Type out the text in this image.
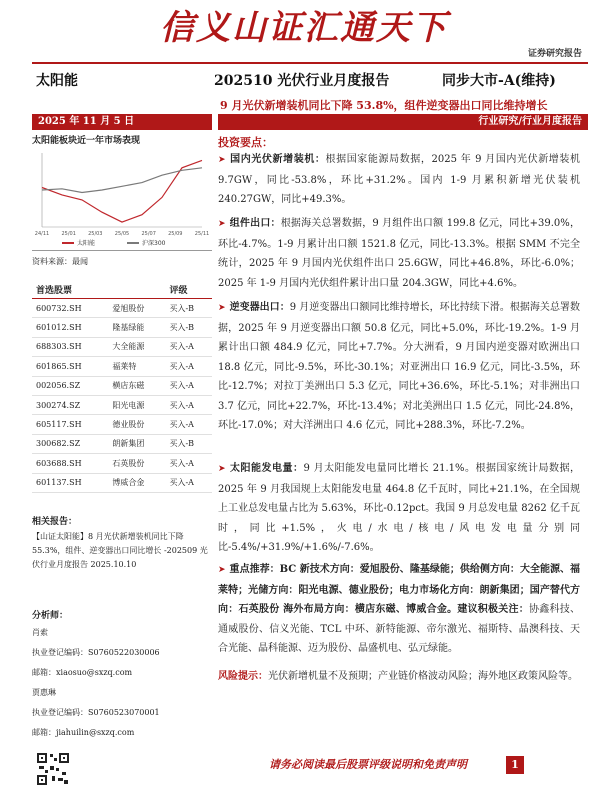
信义山证汇通天下
证券研究报告
太阳能	202510 光伏行业月度报告	同步大市-A(维持)
9 月光伏新增装机同比下降 53.8%，组件逆变器出口同比维持增长
2025 年 11 月 5 日	行业研究/行业月度报告
太阳能板块近一年市场表现
24/11 25/01 25/03 25/05 25/07 25/09 25/11
太阳能	沪深300
资料来源：最闻
首选股票		评级
600732.SH	爱旭股份	买入-B
601012.SH	隆基绿能	买入-B
688303.SH	大全能源	买入-A
601865.SH	福莱特	买入-A
002056.SZ	横店东磁	买入-A
300274.SZ	阳光电源	买入-A
605117.SH	德业股份	买入-A
300682.SZ	朗新集团	买入-B
603688.SH	石英股份	买入-A
601137.SH	博威合金	买入-A
相关报告：
【山证太阳能】8 月光伏新增装机同比下降 55.3%，组件、逆变器出口同比增长 -202509 光伏行业月度报告 2025.10.10
分析师：
肖索
执业登记编码：S0760522030006
邮箱：xiaosuo@sxzq.com
贾惠琳
执业登记编码：S0760523070001
邮箱：jiahuilin@sxzq.com
投资要点：
➤ 国内光伏新增装机：根据国家能源局数据，2025 年 9 月国内光伏新增装机 9.7GW，同比-53.8%，环比+31.2%。国内 1-9 月累积新增光伏装机 240.27GW，同比+49.3%。
➤ 组件出口：根据海关总署数据，9 月组件出口额 199.8 亿元，同比+39.0%，环比-4.7%。1-9 月累计出口额 1521.8 亿元，同比-13.3%。根据 SMM 不完全统计，2025 年 9 月国内光伏组件出口 25.6GW，同比+46.8%，环比-6.0%；2025 年 1-9 月国内光伏组件累计出口量 204.3GW，同比+4.6%。
➤ 逆变器出口：9 月逆变器出口额同比维持增长，环比持续下滑。根据海关总署数据，2025 年 9 月逆变器出口额 50.8 亿元，同比+5.0%，环比-19.2%。1-9 月累计出口额 484.9 亿元，同比+7.7%。分大洲看，9 月国内逆变器对欧洲出口 18.8 亿元，同比-9.5%，环比-30.1%；对亚洲出口 16.9 亿元，同比-3.5%，环比-12.7%；对拉丁美洲出口 5.3 亿元，同比+36.6%，环比-5.1%；对非洲出口 3.7 亿元，同比+22.7%，环比-13.4%；对北美洲出口 1.5 亿元，同比-24.8%，环比-17.0%；对大洋洲出口 4.6 亿元，同比+288.3%，环比-7.2%。
➤ 太阳能发电量：9 月太阳能发电量同比增长 21.1%。根据国家统计局数据，2025 年 9 月我国规上太阳能发电量 464.8 亿千瓦时，同比+21.1%，在全国规上工业总发电量占比为 5.63%，环比-0.12pct。我国 9 月总发电量 8262 亿千瓦时，同比+1.5%，火电/水电/核电/风电发电量分别同比-5.4%/+31.9%/+1.6%/-7.6%。
➤ 重点推荐：BC 新技术方向：爱旭股份、隆基绿能；供给侧方向：大全能源、福莱特；光储方向：阳光电源、德业股份；电力市场化方向：朗新集团；国产替代方向：石英股份 海外布局方向：横店东磁、博威合金。建议积极关注：协鑫科技、通威股份、信义光能、TCL 中环、新特能源、帝尔激光、福斯特、晶澳科技、天合光能、晶科能源、迈为股份、晶盛机电、弘元绿能。
风险提示：光伏新增机量不及预期；产业链价格波动风险；海外地区政策风险等。
请务必阅读最后股票评级说明和免责声明	1
